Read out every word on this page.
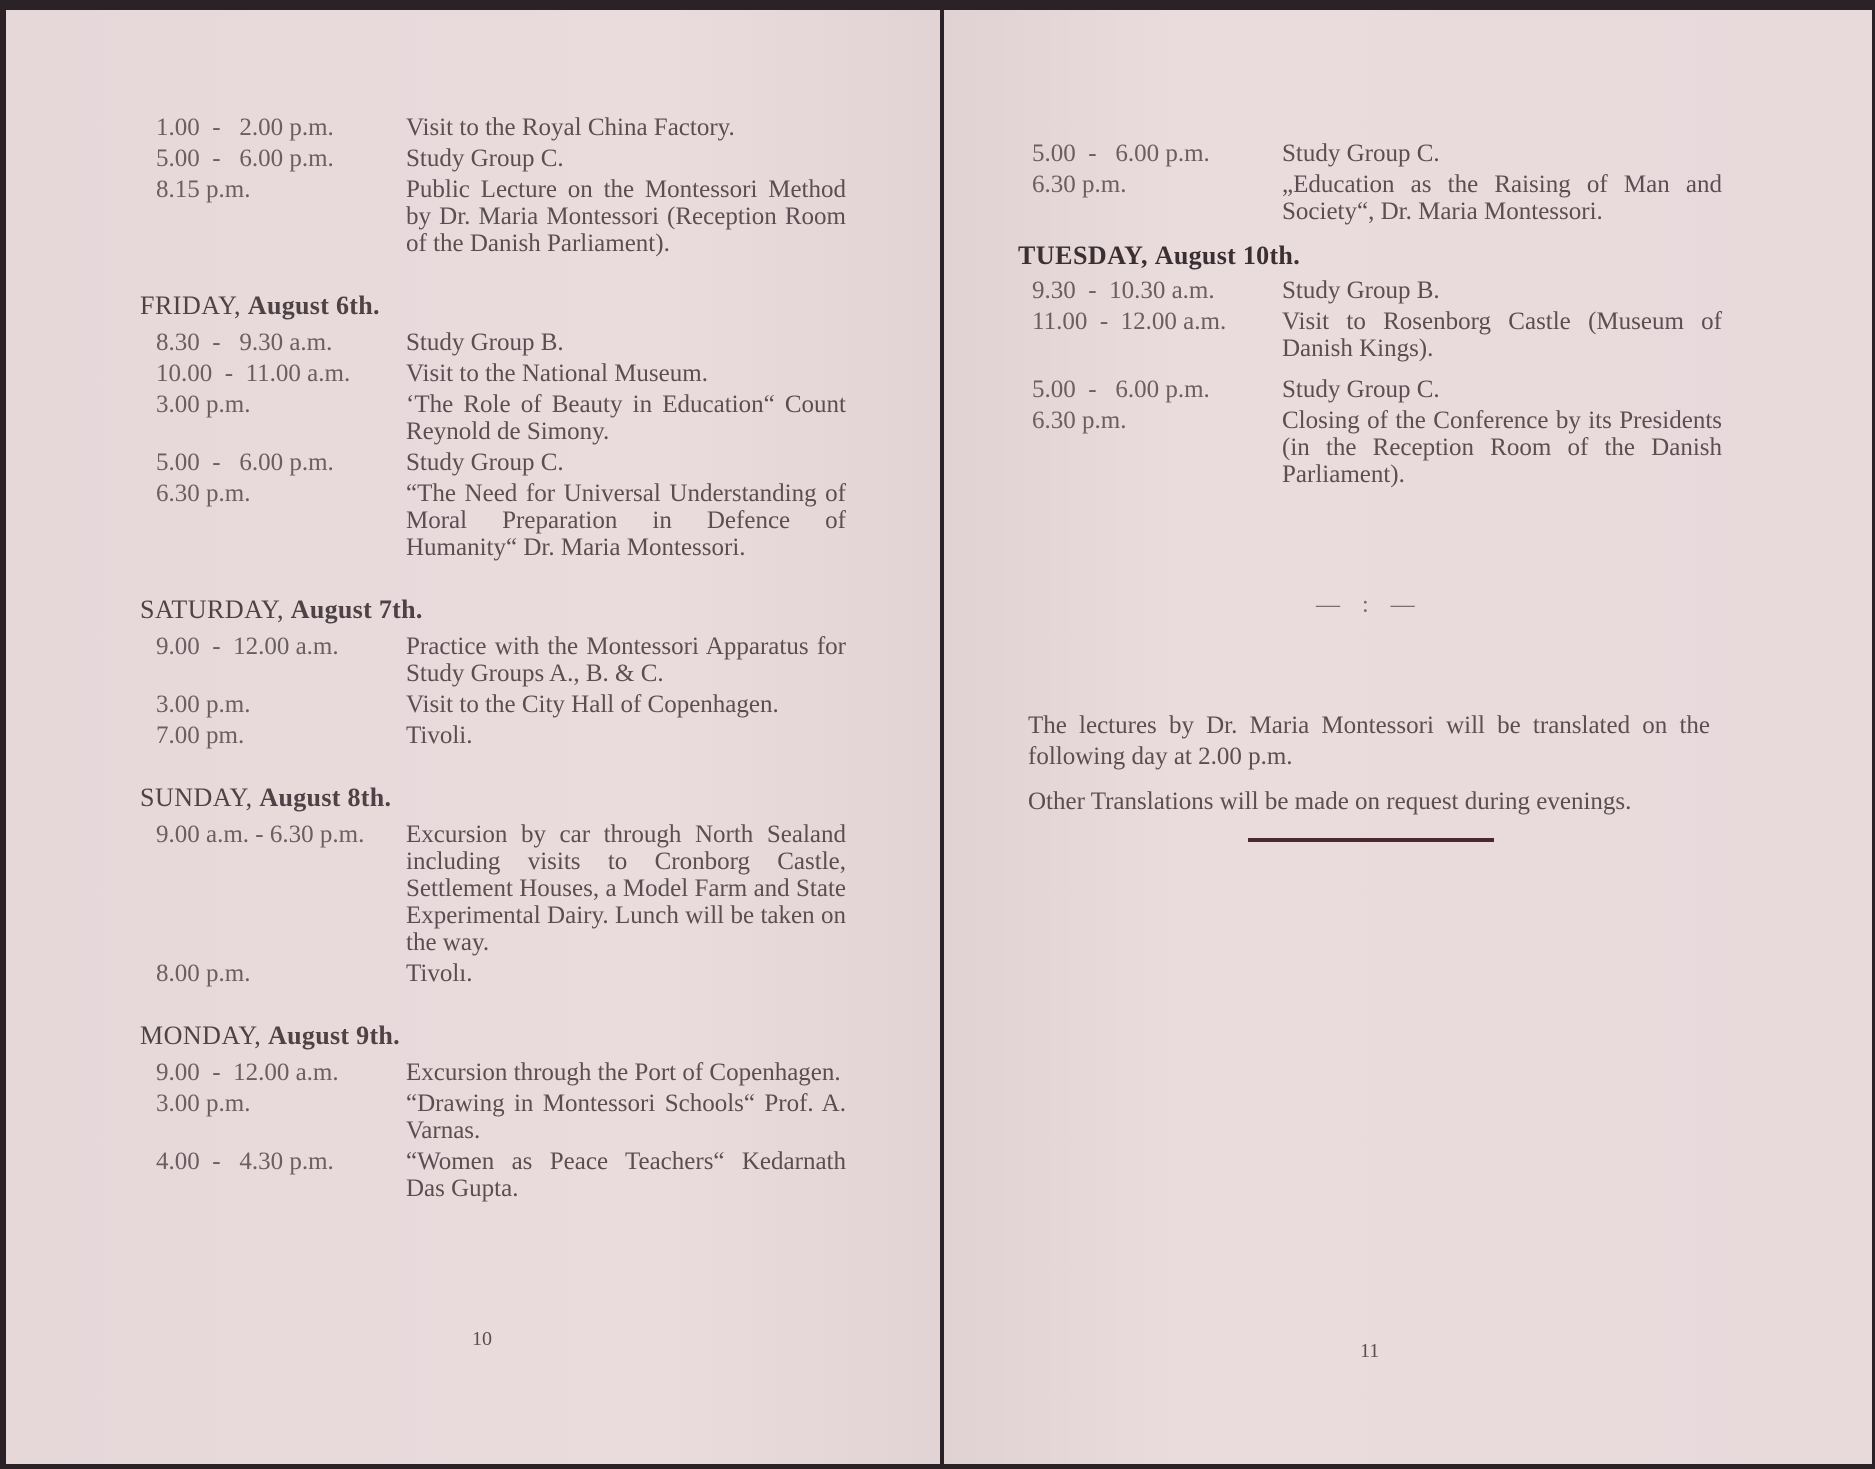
1.00  -   2.00 p.m.	Visit to the Royal China Factory.
5.00  -   6.00 p.m.	Study Group C.
8.15 p.m.	Public Lecture on the Montessori Method by Dr. Maria Montessori (Reception Room of the Danish Parliament).
FRIDAY, August 6th.
8.30  -   9.30 a.m.	Study Group B.
10.00  -  11.00 a.m.	Visit to the National Museum.
3.00 p.m.	‘The Role of Beauty in Education“ Count Reynold de Simony.
5.00  -   6.00 p.m.	Study Group C.
6.30 p.m.	“The Need for Universal Understanding of Moral Preparation in Defence of Humanity“ Dr. Maria Montessori.
SATURDAY, August 7th.
9.00  -  12.00 a.m.	Practice with the Montessori Apparatus for Study Groups A., B. & C.
3.00 p.m.	Visit to the City Hall of Copenhagen.
7.00 pm.	Tivoli.
SUNDAY, August 8th.
9.00 a.m. - 6.30 p.m.	Excursion by car through North Sealand including visits to Cronborg Castle, Settlement Houses, a Model Farm and State Experimental Dairy. Lunch will be taken on the way.
8.00 p.m.	Tivolı.
MONDAY, August 9th.
9.00  -  12.00 a.m.	Excursion through the Port of Copenhagen.
3.00 p.m.	“Drawing in Montessori Schools“ Prof. A. Varnas.
4.00  -   4.30 p.m.	“Women as Peace Teachers“ Kedarnath Das Gupta.
10
5.00  -   6.00 p.m.	Study Group C.
6.30 p.m.	„Education as the Raising of Man and Society“, Dr. Maria Montessori.
TUESDAY, August 10th.
9.30  -  10.30 a.m.	Study Group B.
11.00  -  12.00 a.m.	Visit to Rosenborg Castle (Museum of Danish Kings).
5.00  -   6.00 p.m.	Study Group C.
6.30 p.m.	Closing of the Conference by its Presidents (in the Reception Room of the Danish Parliament).
— : —
The lectures by Dr. Maria Montessori will be translated on the following day at 2.00 p.m.
Other Translations will be made on request during evenings.
11
